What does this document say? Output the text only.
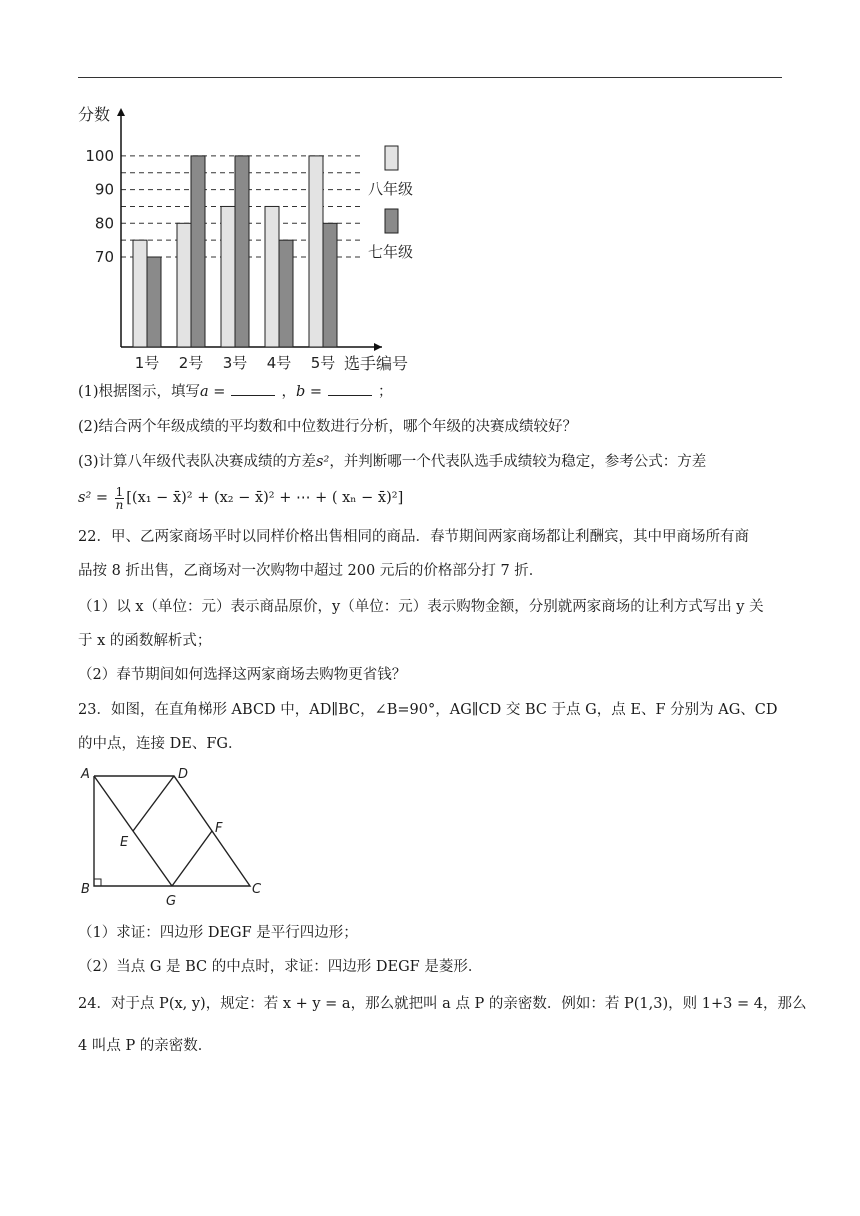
分数
70
80
90
100
1号 2号 3号 4号 5号 选手编号
八年级
七年级
(1)根据图示，填写a =	，b =	；
(2)结合两个年级成绩的平均数和中位数进行分析，哪个年级的决赛成绩较好？
(3)计算八年级代表队决赛成绩的方差s²，并判断哪一个代表队选手成绩较为稳定，参考公式：方差
$s^2 = \frac{1}{n} [(x_1$ − x̄)² + (x₂ − x̄)² + ⋯ + ( xₙ − x̄)²]
22．甲、乙两家商场平时以同样价格出售相同的商品．春节期间两家商场都让利酬宾，其中甲商场所有商
品按 8 折出售，乙商场对一次购物中超过 200 元后的价格部分打 7 折．
（1）以 x（单位：元）表示商品原价，y（单位：元）表示购物金额，分别就两家商场的让利方式写出 y 关
于 x 的函数解析式；
（2）春节期间如何选择这两家商场去购物更省钱？
23．如图，在直角梯形 ABCD 中，AD∥BC，∠B=90°，AG∥CD 交 BC 于点 G，点 E、F 分别为 AG、CD
的中点，连接 DE、FG．
A	D
E
F
B
G
C
（1）求证：四边形 DEGF 是平行四边形；
（2）当点 G 是 BC 的中点时，求证：四边形 DEGF 是菱形．
24．对于点 P(x, y)，规定：若 x + y = a，那么就把叫 a 点 P 的亲密数．例如：若 P(1,3)，则 1+3 = 4，那么
4 叫点 P 的亲密数．
